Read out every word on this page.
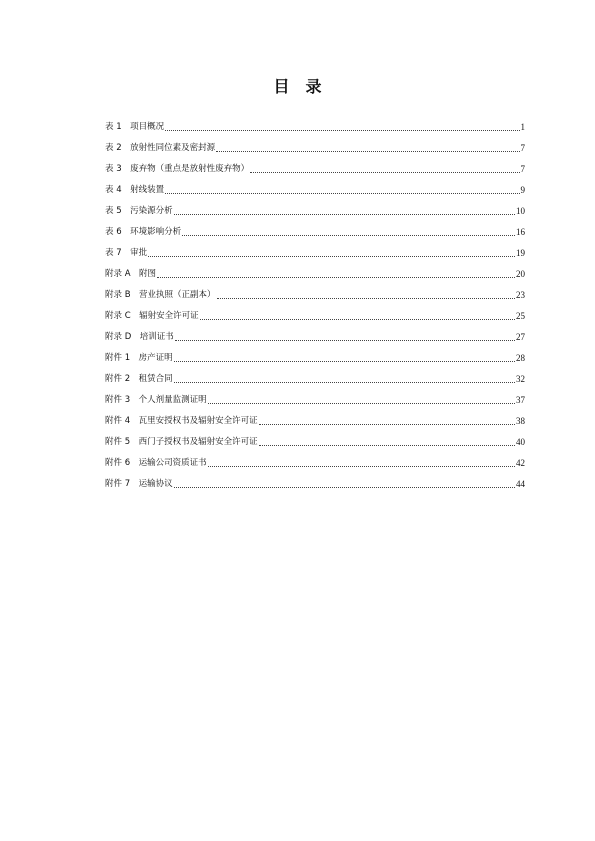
目　录
表 1   项目概况	1
表 2   放射性同位素及密封源	7
表 3   废弃物（重点是放射性废弃物）	7
表 4   射线装置	9
表 5   污染源分析	10
表 6   环境影响分析	16
表 7   审批	19
附录 A   附图	20
附录 B   营业执照（正副本）	23
附录 C   辐射安全许可证	25
附录 D   培训证书	27
附件 1   房产证明	28
附件 2   租赁合同	32
附件 3   个人剂量监测证明	37
附件 4   瓦里安授权书及辐射安全许可证	38
附件 5   西门子授权书及辐射安全许可证	40
附件 6   运输公司资质证书	42
附件 7   运输协议	44
